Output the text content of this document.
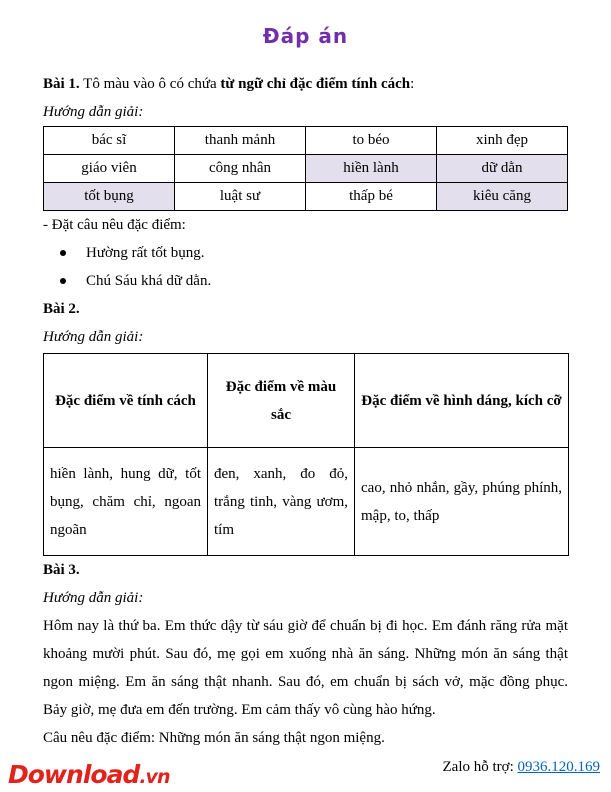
Đáp án
Bài 1. Tô màu vào ô có chứa từ ngữ chỉ đặc điểm tính cách:
Hướng dẫn giải:
bác sĩ	thanh mảnh	to béo	xinh đẹp
giáo viên	công nhân	hiền lành	dữ dằn
tốt bụng	luật sư	thấp bé	kiêu căng
- Đặt câu nêu đặc điểm:
Hường rất tốt bụng.
Chú Sáu khá dữ dằn.
Bài 2.
Hướng dẫn giải:
Đặc điểm về tính cách	Đặc điểm về màu sắc	Đặc điểm về hình dáng, kích cỡ
hiền lành, hung dữ, tốt bụng, chăm chỉ, ngoan ngoãn	đen, xanh, đo đỏ, trắng tinh, vàng ươm, tím	cao, nhỏ nhắn, gầy, phúng phính, mập, to, thấp
Bài 3.
Hướng dẫn giải:
Hôm nay là thứ ba. Em thức dậy từ sáu giờ để chuẩn bị đi học. Em đánh răng rửa mặt khoảng mười phút. Sau đó, mẹ gọi em xuống nhà ăn sáng. Những món ăn sáng thật ngon miệng. Em ăn sáng thật nhanh. Sau đó, em chuẩn bị sách vở, mặc đồng phục. Bảy giờ, mẹ đưa em đến trường. Em cảm thấy vô cùng hào hứng.
Câu nêu đặc điểm: Những món ăn sáng thật ngon miệng.
Download.vn	Zalo hỗ trợ: 0936.120.169
